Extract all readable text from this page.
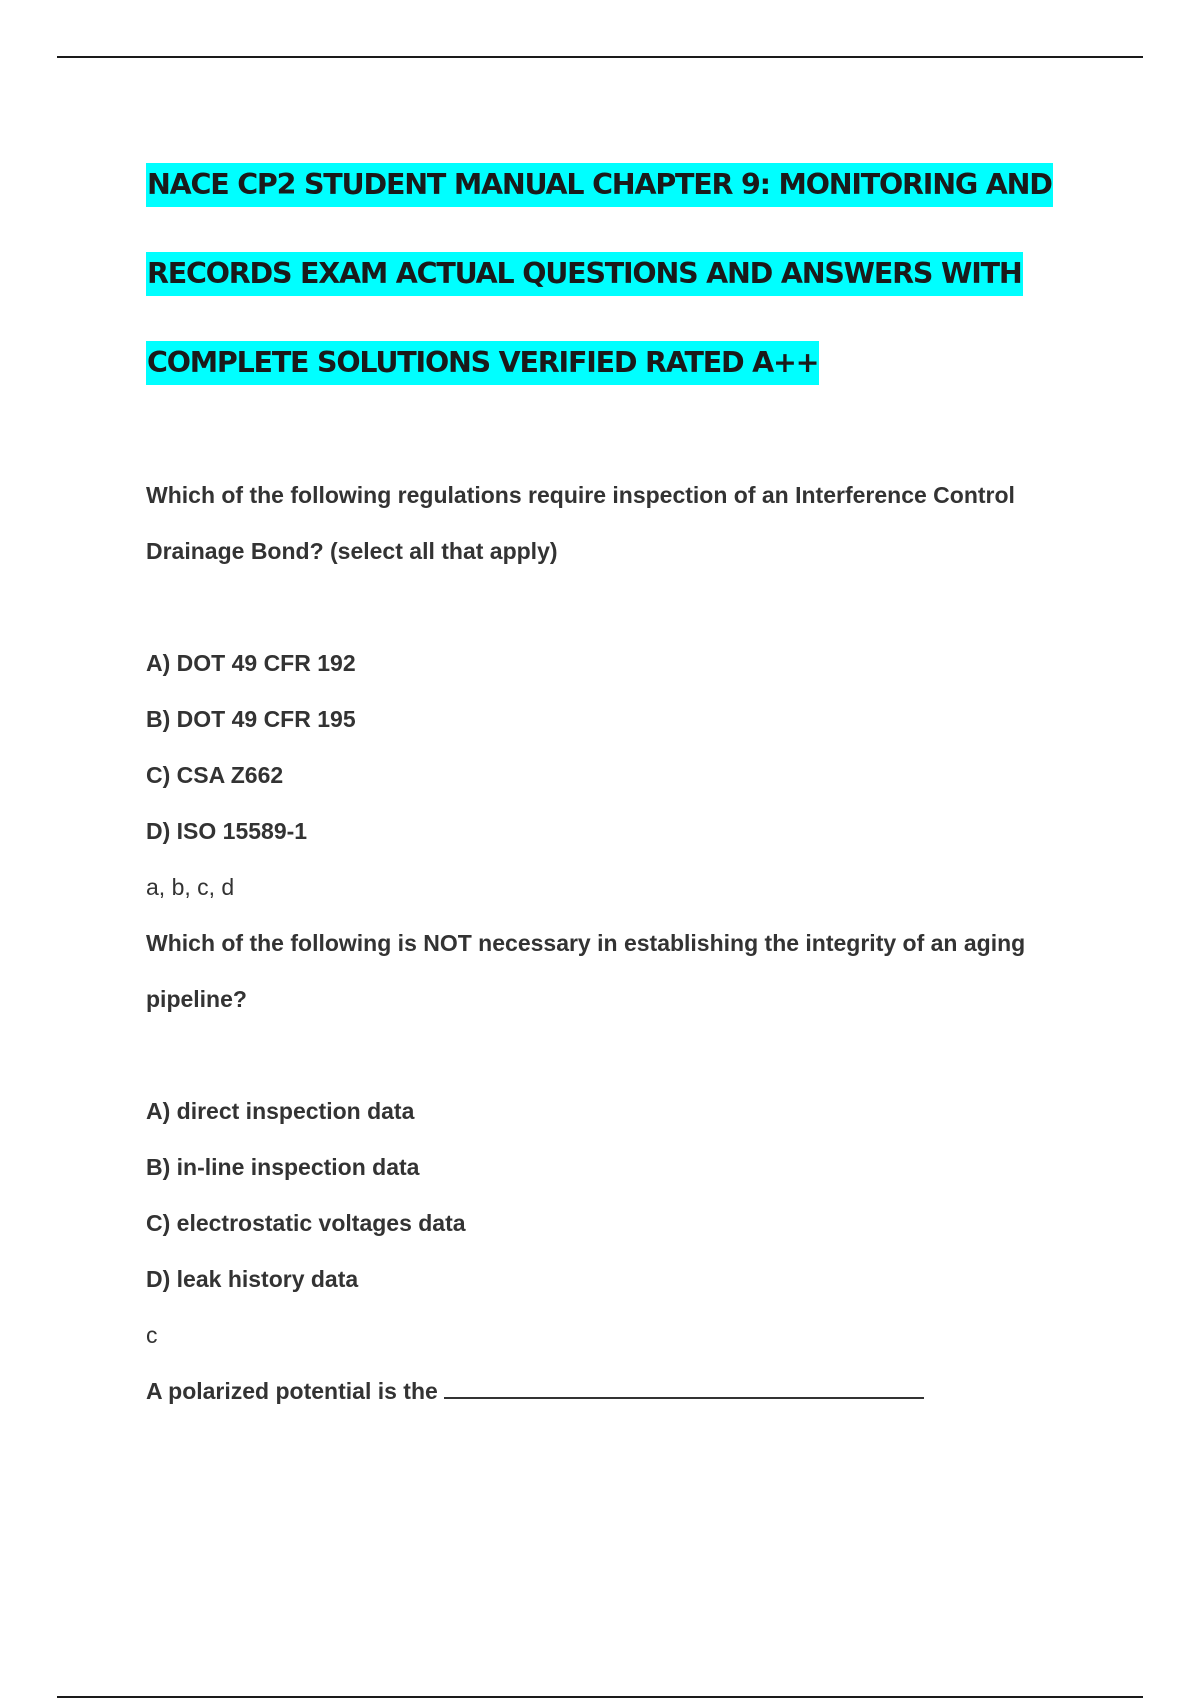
NACE CP2 STUDENT MANUAL CHAPTER 9: MONITORING AND
RECORDS EXAM ACTUAL QUESTIONS AND ANSWERS WITH
COMPLETE SOLUTIONS VERIFIED RATED A++

Which of the following regulations require inspection of an Interference Control

Drainage Bond? (select all that apply)

A) DOT 49 CFR 192

B) DOT 49 CFR 195

C) CSA Z662

D) ISO 15589-1

a, b, c, d

Which of the following is NOT necessary in establishing the integrity of an aging

pipeline?

A) direct inspection data

B) in-line inspection data

C) electrostatic voltages data

D) leak history data

c

A polarized potential is the
